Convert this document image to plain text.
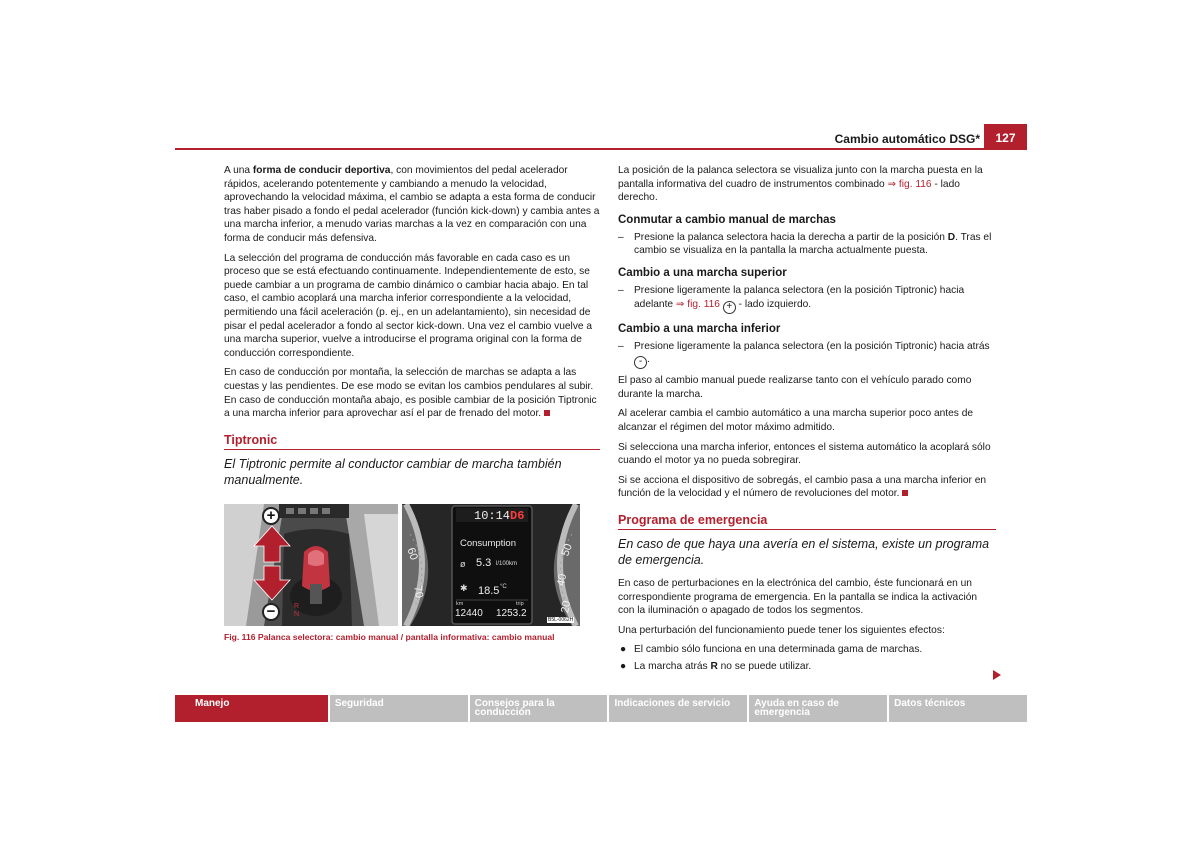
Cambio automático DSG*	127

A una forma de conducir deportiva, con movimientos del pedal acelerador rápidos, acelerando potentemente y cambiando a menudo la velocidad, aprovechando la velocidad máxima, el cambio se adapta a esta forma de conducir tras haber pisado a fondo el pedal acelerador (función kick-down) y cambia antes a una marcha inferior, a menudo varias marchas a la vez en comparación con una forma de conducir más defensiva.

La selección del programa de conducción más favorable en cada caso es un proceso que se está efectuando continuamente. Independientemente de esto, se puede cambiar a un programa de cambio dinámico o cambiar hacia abajo. En tal caso, el cambio acoplará una marcha inferior correspondiente a la velocidad, permitiendo una fácil aceleración (p. ej., en un adelantamiento), sin necesidad de pisar el pedal acelerador a fondo al sector kick-down. Una vez el cambio vuelve a una marcha superior, vuelve a introducirse el programa original con la forma de conducción correspondiente.

En caso de conducción por montaña, la selección de marchas se adapta a las cuestas y las pendientes. De ese modo se evitan los cambios pendulares al subir. En caso de conducción montaña abajo, es posible cambiar de la posición Tiptronic a una marcha inferior para aprovechar así el par de frenado del motor.

Tiptronic

El Tiptronic permite al conductor cambiar de marcha también manualmente.

R
N
+
−
10:14 D6
Consumption
ø 5.3 l/100km
✱ 18.5 °C
km	trip
12440 1253.2
60
70
50
40
20
B5L-0062H
Fig. 116 Palanca selectora: cambio manual / pantalla informativa: cambio manual

La posición de la palanca selectora se visualiza junto con la marcha puesta en la pantalla informativa del cuadro de instrumentos combinado ⇒ fig. 116 - lado derecho.

Conmutar a cambio manual de marchas
– Presione la palanca selectora hacia la derecha a partir de la posición D. Tras el cambio se visualiza en la pantalla la marcha actualmente puesta.
Cambio a una marcha superior
– Presione ligeramente la palanca selectora (en la posición Tiptronic) hacia adelante ⇒ fig. 116 + - lado izquierdo.
Cambio a una marcha inferior
– Presione ligeramente la palanca selectora (en la posición Tiptronic) hacia atrás - .

El paso al cambio manual puede realizarse tanto con el vehículo parado como durante la marcha.

Al acelerar cambia el cambio automático a una marcha superior poco antes de alcanzar el régimen del motor máximo admitido.

Si selecciona una marcha inferior, entonces el sistema automático la acoplará sólo cuando el motor ya no pueda sobregirar.

Si se acciona el dispositivo de sobregás, el cambio pasa a una marcha inferior en función de la velocidad y el número de revoluciones del motor.

Programa de emergencia

En caso de que haya una avería en el sistema, existe un programa de emergencia.

En caso de perturbaciones en la electrónica del cambio, éste funcionará en un correspondiente programa de emergencia. En la pantalla se indica la activación con la iluminación o apagado de todos los segmentos.

Una perturbación del funcionamiento puede tener los siguientes efectos:

● El cambio sólo funciona en una determinada gama de marchas.
● La marcha atrás R no se puede utilizar.
Manejo	Seguridad	Consejos para la conducción
Indicaciones de servicio	Ayuda en caso de emergencia
Datos técnicos
